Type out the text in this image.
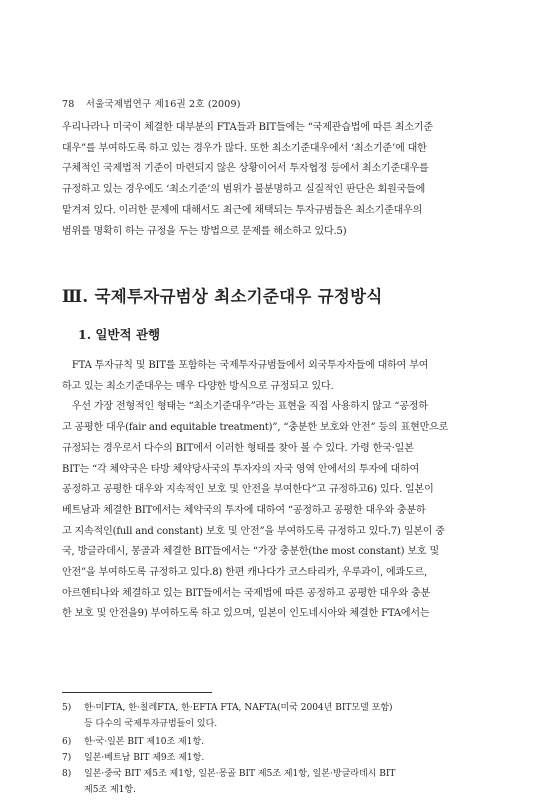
78 서울국제법연구 제16권 2호 (2009)
우리나라나 미국이 체결한 대부분의 FTA들과 BIT들에는 “국제관습법에 따른 최소기준
대우”를 부여하도록 하고 있는 경우가 많다. 또한 최소기준대우에서 ‘최소기준’에 대한
구체적인 국제법적 기준이 마련되지 않은 상황이어서 투자협정 등에서 최소기준대우를
규정하고 있는 경우에도 ‘최소기준’의 범위가 불분명하고 실질적인 판단은 회원국들에
맡겨져 있다. 이러한 문제에 대해서도 최근에 채택되는 투자규범들은 최소기준대우의
범위를 명확히 하는 규정을 두는 방법으로 문제를 해소하고 있다.5)
Ⅲ. 국제투자규범상 최소기준대우 규정방식
1. 일반적 관행
　FTA 투자규칙 및 BIT를 포함하는 국제투자규범들에서 외국투자자들에 대하여 부여
하고 있는 최소기준대우는 매우 다양한 방식으로 규정되고 있다.
　우선 가장 전형적인 형태는 “최소기준대우”라는 표현을 직접 사용하지 않고 “공정하
고 공평한 대우(fair and equitable treatment)”, “충분한 보호와 안전” 등의 표현만으로
규정되는 경우로서 다수의 BIT에서 이러한 형태를 찾아 볼 수 있다. 가령 한국·일본
BIT는 “각 체약국은 타방 체약당사국의 투자자의 자국 영역 안에서의 투자에 대하여
공정하고 공평한 대우와 지속적인 보호 및 안전을 부여한다”고 규정하고6) 있다. 일본이
베트남과 체결한 BIT에서는 체약국의 투자에 대하여 “공정하고 공평한 대우와 충분하
고 지속적인(full and constant) 보호 및 안전”을 부여하도록 규정하고 있다.7) 일본이 중
국, 방글라데시, 몽골과 체결한 BIT들에서는 “가장 충분한(the most constant) 보호 및
안전”을 부여하도록 규정하고 있다.8) 한편 캐나다가 코스타리카, 우루과이, 에콰도르,
아르헨티나와 체결하고 있는 BIT들에서는 국제법에 따른 공정하고 공평한 대우와 충분
한 보호 및 안전을9) 부여하도록 하고 있으며, 일본이 인도네시아와 체결한 FTA에서는
5) 한·미FTA, 한·칠레FTA, 한·EFTA FTA, NAFTA(미국 2004년 BIT모델 포함)
등 다수의 국제투자규범들이 있다.
6) 한·국·일본 BIT 제10조 제1항.
7) 일본·베트남 BIT 제9조 제1항.
8) 일본·중국 BIT 제5조 제1항, 일본·몽골 BIT 제5조 제1항, 일본·방글라데시 BIT
제5조 제1항.
